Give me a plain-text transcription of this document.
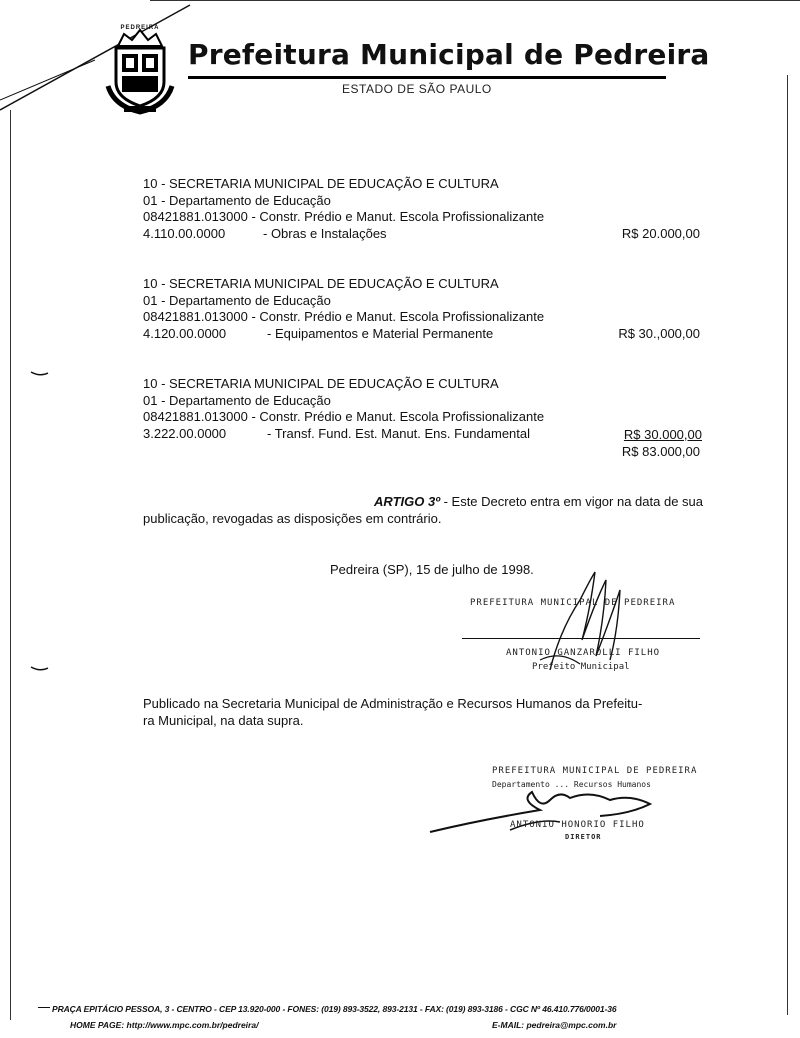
PEDREIRA
Prefeitura Municipal de Pedreira
ESTADO DE SÃO PAULO
10 - SECRETARIA MUNICIPAL DE EDUCAÇÃO E CULTURA
01 - Departamento de Educação
08421881.013000 - Constr. Prédio e Manut. Escola Profissionalizante
4.110.00.0000	- Obras e Instalações	R$ 20.000,00
10 - SECRETARIA MUNICIPAL DE EDUCAÇÃO E CULTURA
01 - Departamento de Educação
08421881.013000 - Constr. Prédio e Manut. Escola Profissionalizante
4.120.00.0000	- Equipamentos e Material Permanente	R$ 30.,000,00
10 - SECRETARIA MUNICIPAL DE EDUCAÇÃO E CULTURA
01 - Departamento de Educação
08421881.013000 - Constr. Prédio e Manut. Escola Profissionalizante
3.222.00.0000	- Transf. Fund. Est. Manut. Ens. Fundamental	R$ 30.000,00
R$ 83.000,00
ARTIGO 3º - Este Decreto entra em vigor na data de sua
publicação, revogadas as disposições em contrário.
Pedreira (SP), 15 de julho de 1998.
PREFEITURA MUNICIPAL DE PEDREIRA
ANTONIO GANZAROLLI FILHO
Prefeito Municipal
Publicado na Secretaria Municipal de Administração e Recursos Humanos da Prefeitu-
ra Municipal, na data supra.
PREFEITURA MUNICIPAL DE PEDREIRA
Departamento ... Recursos Humanos
ANTONIO HONORIO FILHO
DIRETOR
PRAÇA EPITÁCIO PESSOA, 3 - CENTRO - CEP 13.920-000 - FONES: (019) 893-3522, 893-2131 - FAX: (019) 893-3186 - CGC Nº 46.410.776/0001-36
HOME PAGE: http://www.mpc.com.br/pedreira/	E-MAIL: pedreira@mpc.com.br
